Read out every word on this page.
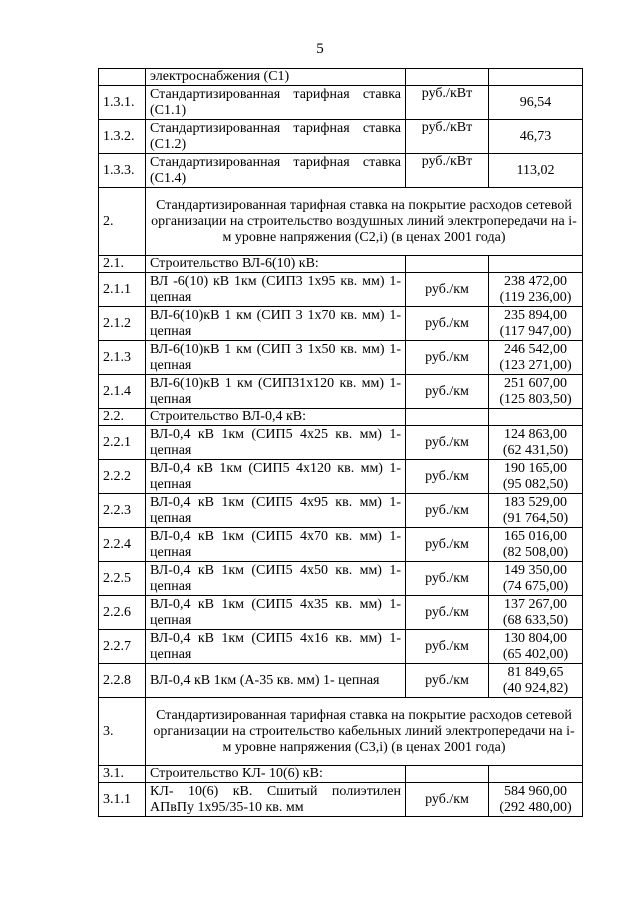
5
	электроснабжения (С1)		
1.3.1.	Стандартизированная тарифная ставка (С1.1)	руб./кВт	96,54
1.3.2.	Стандартизированная тарифная ставка (С1.2)	руб./кВт	46,73
1.3.3.	Стандартизированная тарифная ставка (С1.4)	руб./кВт	113,02
2.	Стандартизированная тарифная ставка на покрытие расходов сетевой организации на строительство воздушных линий электропередачи на i-м уровне напряжения (С2,i) (в ценах 2001 года)		
2.1.	Строительство ВЛ-6(10) кВ:		
2.1.1	ВЛ -6(10) кВ 1км (СИП3 1х95 кв. мм) 1-цепная	руб./км	238 472,00
(119 236,00)
2.1.2	ВЛ-6(10)кВ 1 км (СИП 3 1х70 кв. мм) 1-цепная	руб./км	235 894,00
(117 947,00)
2.1.3	ВЛ-6(10)кВ 1 км (СИП 3 1х50 кв. мм) 1-цепная	руб./км	246 542,00
(123 271,00)
2.1.4	ВЛ-6(10)кВ 1 км (СИП31х120 кв. мм) 1-цепная	руб./км	251 607,00
(125 803,50)
2.2.	Строительство ВЛ-0,4 кВ:		
2.2.1	ВЛ-0,4 кВ 1км (СИП5 4х25 кв. мм) 1-цепная	руб./км	124 863,00
(62 431,50)
2.2.2	ВЛ-0,4 кВ 1км (СИП5 4х120 кв. мм) 1- цепная	руб./км	190 165,00
(95 082,50)
2.2.3	ВЛ-0,4 кВ 1км (СИП5 4х95 кв. мм) 1-цепная	руб./км	183 529,00
(91 764,50)
2.2.4	ВЛ-0,4 кВ 1км (СИП5 4х70 кв. мм) 1-цепная	руб./км	165 016,00
(82 508,00)
2.2.5	ВЛ-0,4 кВ 1км (СИП5 4х50 кв. мм) 1-цепная	руб./км	149 350,00
(74 675,00)
2.2.6	ВЛ-0,4 кВ 1км (СИП5 4х35 кв. мм) 1-цепная	руб./км	137 267,00
(68 633,50)
2.2.7	ВЛ-0,4 кВ 1км (СИП5 4х16 кв. мм) 1-цепная	руб./км	130 804,00
(65 402,00)
2.2.8	ВЛ-0,4 кВ 1км (А-35 кв. мм) 1- цепная	руб./км	81 849,65
(40 924,82)
3.	Стандартизированная тарифная ставка на покрытие расходов сетевой организации на строительство кабельных линий электропередачи на i-м уровне напряжения (С3,i) (в ценах 2001 года)		
3.1.	Строительство КЛ- 10(6) кВ:		
3.1.1	КЛ- 10(6) кВ. Сшитый полиэтилен АПвПу 1х95/35-10 кв. мм	руб./км	584 960,00
(292 480,00)
